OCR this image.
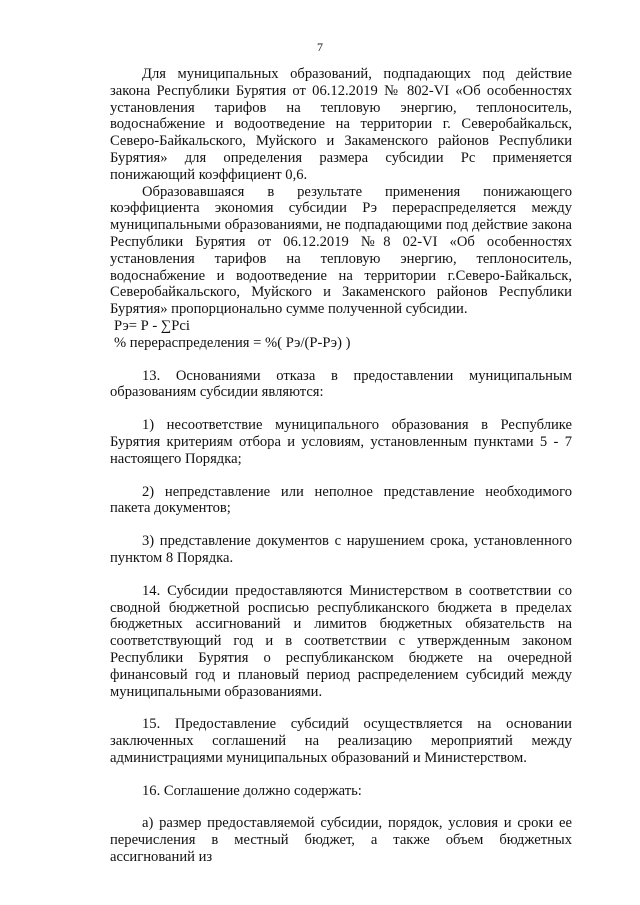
7

Для муниципальных образований, подпадающих под действие закона Республики Бурятия от 06.12.2019 № 802-VI «Об особенностях установления тарифов на тепловую энергию, теплоноситель, водоснабжение и водоотведение на территории г. Северобайкальск, Северо-Байкальского, Муйского и Закаменского районов Республики Бурятия» для определения размера субсидии Рс применяется понижающий коэффициент 0,6.

Образовавшаяся в результате применения понижающего коэффициента экономия субсидии Рэ перераспределяется между муниципальными образованиями, не подпадающими под действие закона Республики Бурятия от 06.12.2019 №8 02-VI «Об особенностях установления тарифов на тепловую энергию, теплоноситель, водоснабжение и водоотведение на территории г.Северо-Байкальск, Северобайкальского, Муйского и Закаменского районов Республики Бурятия» пропорционально сумме полученной субсидии.

Рэ= Р - ∑Рсi

% перераспределения = %( Рэ/(Р-Рэ) )

13. Основаниями отказа в предоставлении муниципальным образованиям субсидии являются:

1) несоответствие муниципального образования в Республике Бурятия критериям отбора и условиям, установленным пунктами 5 - 7 настоящего Порядка;

2) непредставление или неполное представление необходимого пакета документов;

3) представление документов с нарушением срока, установленного пунктом 8 Порядка.

14. Субсидии предоставляются Министерством в соответствии со сводной бюджетной росписью республиканского бюджета в пределах бюджетных ассигнований и лимитов бюджетных обязательств на соответствующий год и в соответствии с утвержденным законом Республики Бурятия о республиканском бюджете на очередной финансовый год и плановый период распределением субсидий между муниципальными образованиями.

15. Предоставление субсидий осуществляется на основании заключенных соглашений на реализацию мероприятий между администрациями муниципальных образований и Министерством.

16. Соглашение должно содержать:

а) размер предоставляемой субсидии, порядок, условия и сроки ее перечисления в местный бюджет, а также объем бюджетных ассигнований из
